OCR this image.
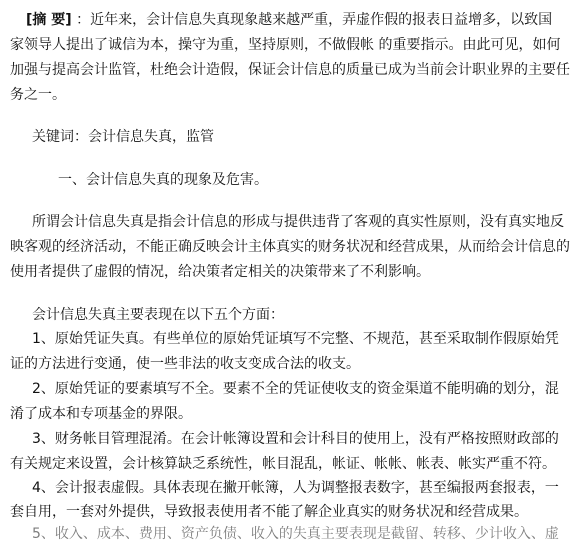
[摘 要] ：近年来，会计信息失真现象越来越严重，弄虚作假的报表日益增多，以致国
家领导人提出了诚信为本，操守为重，坚持原则，不做假帐 的重要指示。由此可见，如何
加强与提高会计监管，杜绝会计造假，保证会计信息的质量已成为当前会计职业界的主要任
务之一。
关键词：会计信息失真，监管
一、会计信息失真的现象及危害。
所谓会计信息失真是指会计信息的形成与提供违背了客观的真实性原则，没有真实地反
映客观的经济活动，不能正确反映会计主体真实的财务状况和经营成果，从而给会计信息的
使用者提供了虚假的情况，给决策者定相关的决策带来了不利影响。
会计信息失真主要表现在以下五个方面：
1、原始凭证失真。有些单位的原始凭证填写不完整、不规范，甚至采取制作假原始凭
证的方法进行变通，使一些非法的收支变成合法的收支。
2、原始凭证的要素填写不全。要素不全的凭证使收支的资金渠道不能明确的划分，混
淆了成本和专项基金的界限。
3、财务帐目管理混淆。在会计帐簿设置和会计科目的使用上，没有严格按照财政部的
有关规定来设置，会计核算缺乏系统性，帐目混乱，帐证、帐帐、帐表、帐实严重不符。
4、会计报表虚假。具体表现在撇开帐簿，人为调整报表数字，甚至编报两套报表，一
套自用，一套对外提供，导致报表使用者不能了解企业真实的财务状况和经营成果。
5、收入、成本、费用、资产负债、收入的失真主要表现是截留、转移、少计收入、虚
